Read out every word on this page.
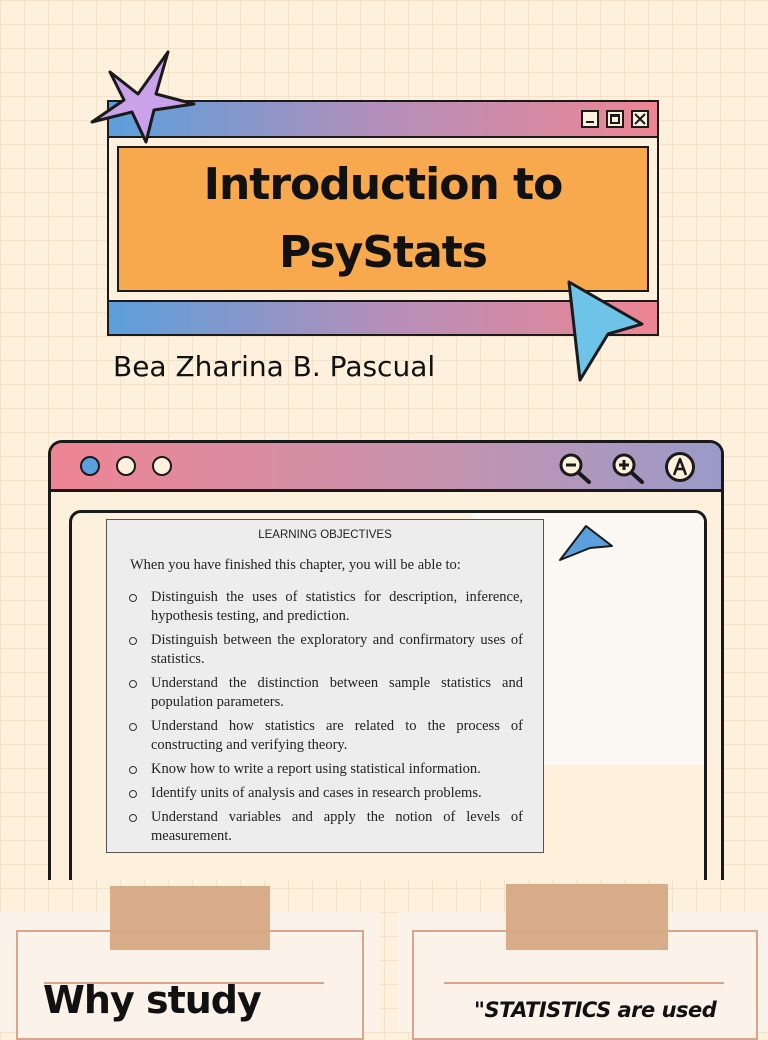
Introduction to PsyStats
Bea Zharina B. Pascual
LEARNING OBJECTIVES
When you have finished this chapter, you will be able to:
Distinguish the uses of statistics for description, inference, hypothesis testing, and prediction.
Distinguish between the exploratory and confirmatory uses of statistics.
Understand the distinction between sample statistics and population parameters.
Understand how statistics are related to the process of constructing and verifying theory.
Know how to write a report using statistical information.
Identify units of analysis and cases in research problems.
Understand variables and apply the notion of levels of measurement.
Why study	"STATISTICS are used
